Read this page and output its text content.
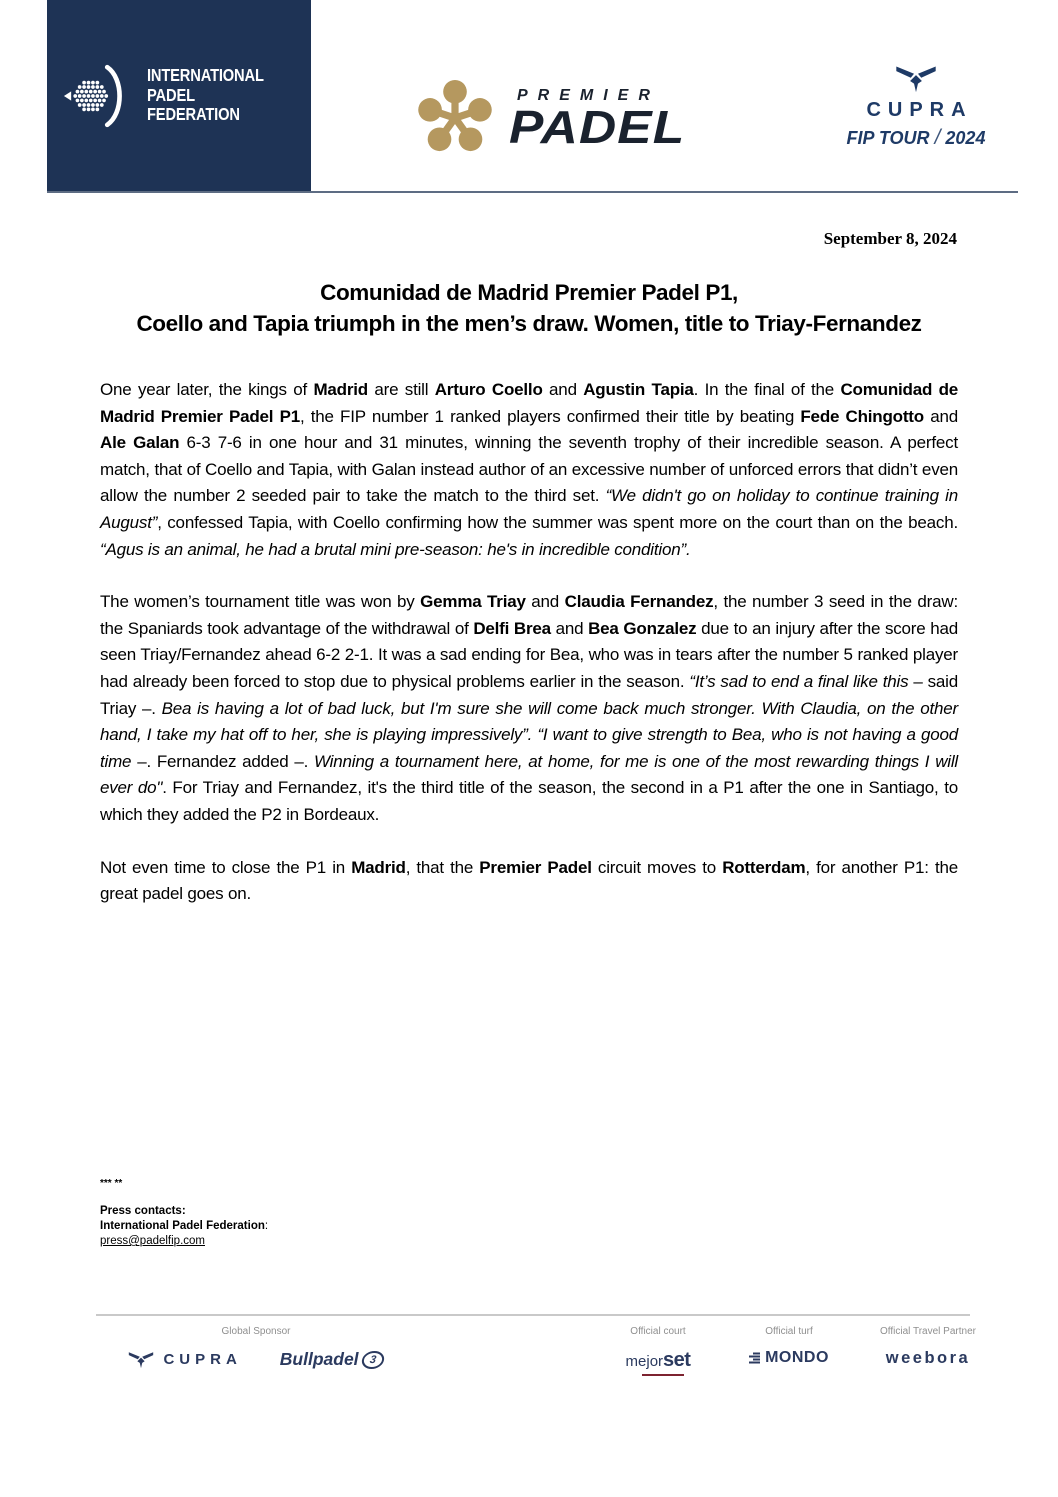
INTERNATIONAL
PADEL
FEDERATION
PREMIER
PADEL	CUPRA
FIP TOUR / 2024
September 8, 2024
Comunidad de Madrid Premier Padel P1,
Coello and Tapia triumph in the men’s draw. Women, title to Triay-Fernandez

One year later, the kings of Madrid are still Arturo Coello and Agustin Tapia. In the final of the Comunidad de Madrid Premier Padel P1, the FIP number 1 ranked players confirmed their title by beating Fede Chingotto and Ale Galan 6-3 7-6 in one hour and 31 minutes, winning the seventh trophy of their incredible season. A perfect match, that of Coello and Tapia, with Galan instead author of an excessive number of unforced errors that didn’t even allow the number 2 seeded pair to take the match to the third set. “We didn't go on holiday to continue training in August”, confessed Tapia, with Coello confirming how the summer was spent more on the court than on the beach. “Agus is an animal, he had a brutal mini pre-season: he's in incredible condition”.

The women’s tournament title was won by Gemma Triay and Claudia Fernandez, the number 3 seed in the draw: the Spaniards took advantage of the withdrawal of Delfi Brea and Bea Gonzalez due to an injury after the score had seen Triay/Fernandez ahead 6-2 2-1. It was a sad ending for Bea, who was in tears after the number 5 ranked player had already been forced to stop due to physical problems earlier in the season. “It’s sad to end a final like this – said Triay –. Bea is having a lot of bad luck, but I'm sure she will come back much stronger. With Claudia, on the other hand, I take my hat off to her, she is playing impressively”. “I want to give strength to Bea, who is not having a good time –. Fernandez added –. Winning a tournament here, at home, for me is one of the most rewarding things I will ever do". For Triay and Fernandez, it's the third title of the season, the second in a P1 after the one in Santiago, to which they added the P2 in Bordeaux.

Not even time to close the P1 in Madrid, that the Premier Padel circuit moves to Rotterdam, for another P1: the great padel goes on.

*** **
Press contacts:
International Padel Federation:
press@padelfip.com
Global Sponsor
CUPRA Bullpadel 3
Official court
mejor set
Official turf
MONDO
Official Travel Partner
weebora
